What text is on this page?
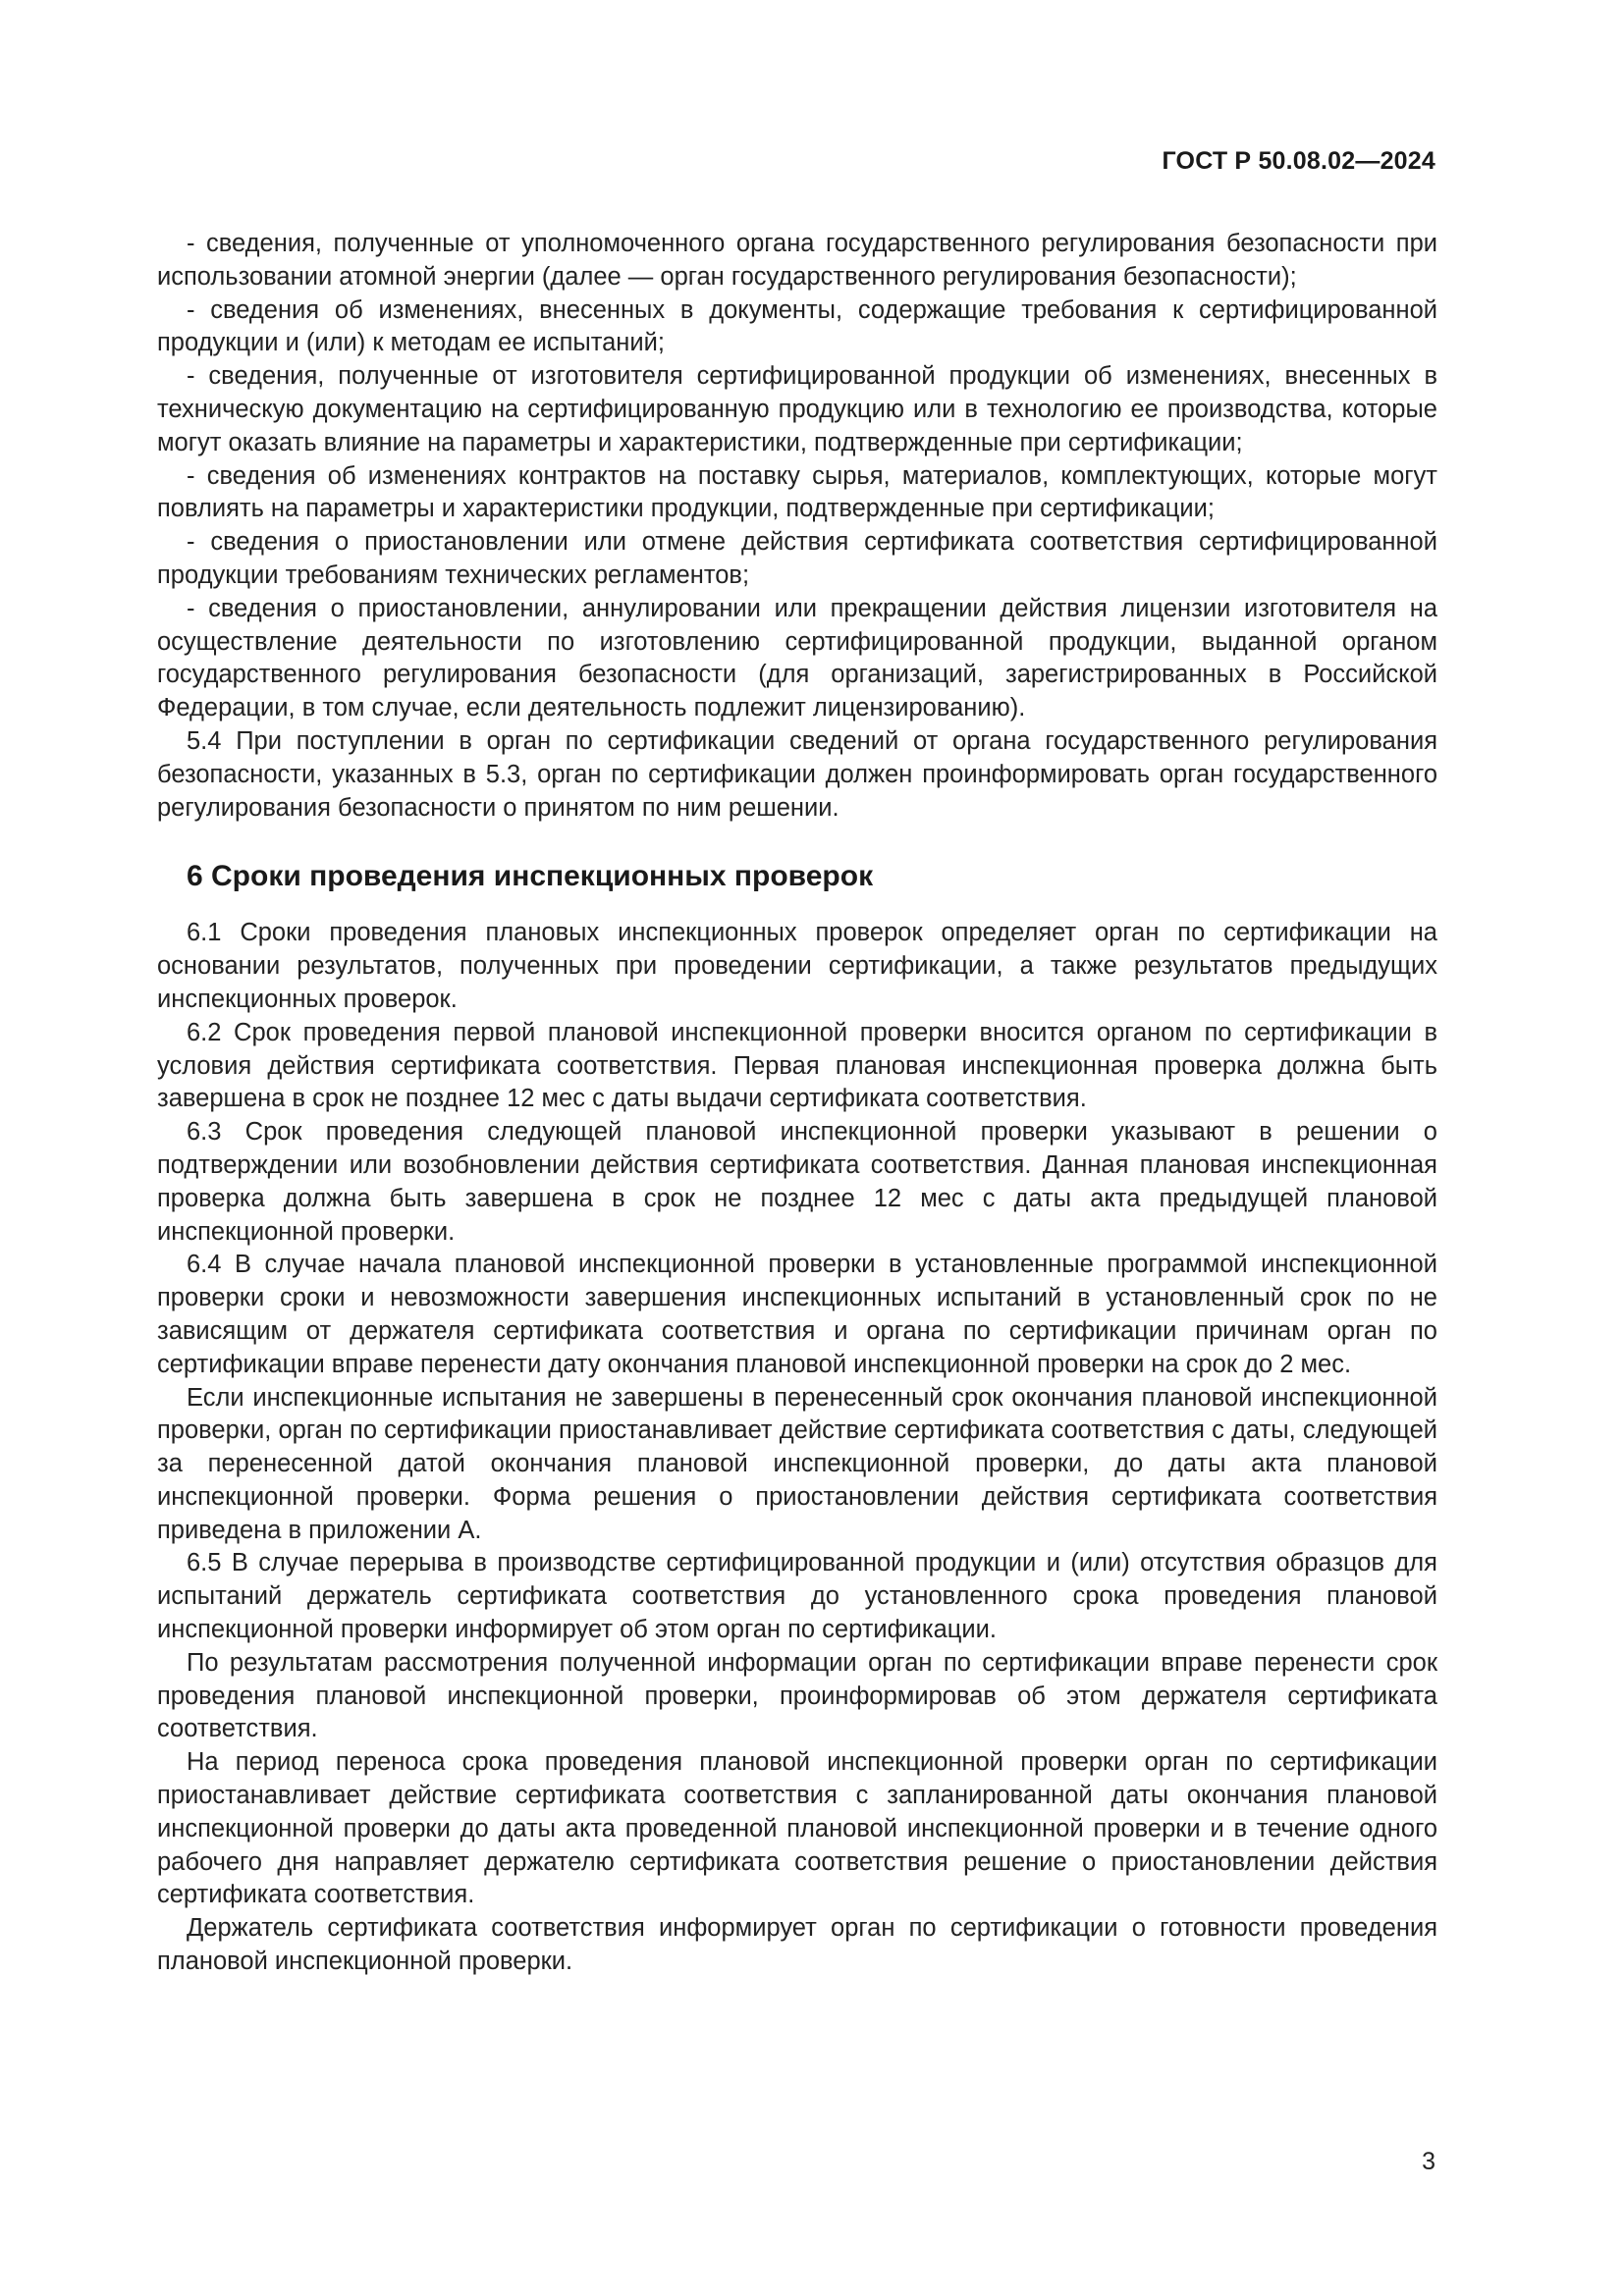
ГОСТ Р 50.08.02—2024

- сведения, полученные от уполномоченного органа государственного регулирования безопасности при использовании атомной энергии (далее — орган государственного регулирования безопасности);

- сведения об изменениях, внесенных в документы, содержащие требования к сертифицированной продукции и (или) к методам ее испытаний;

- сведения, полученные от изготовителя сертифицированной продукции об изменениях, внесенных в техническую документацию на сертифицированную продукцию или в технологию ее производства, которые могут оказать влияние на параметры и характеристики, подтвержденные при сертификации;

- сведения об изменениях контрактов на поставку сырья, материалов, комплектующих, которые могут повлиять на параметры и характеристики продукции, подтвержденные при сертификации;

- сведения о приостановлении или отмене действия сертификата соответствия сертифицированной продукции требованиям технических регламентов;

- сведения о приостановлении, аннулировании или прекращении действия лицензии изготовителя на осуществление деятельности по изготовлению сертифицированной продукции, выданной органом государственного регулирования безопасности (для организаций, зарегистрированных в Российской Федерации, в том случае, если деятельность подлежит лицензированию).

5.4 При поступлении в орган по сертификации сведений от органа государственного регулирования безопасности, указанных в 5.3, орган по сертификации должен проинформировать орган государственного регулирования безопасности о принятом по ним решении.

6 Сроки проведения инспекционных проверок

6.1 Сроки проведения плановых инспекционных проверок определяет орган по сертификации на основании результатов, полученных при проведении сертификации, а также результатов предыдущих инспекционных проверок.

6.2 Срок проведения первой плановой инспекционной проверки вносится органом по сертификации в условия действия сертификата соответствия. Первая плановая инспекционная проверка должна быть завершена в срок не позднее 12 мес с даты выдачи сертификата соответствия.

6.3 Срок проведения следующей плановой инспекционной проверки указывают в решении о подтверждении или возобновлении действия сертификата соответствия. Данная плановая инспекционная проверка должна быть завершена в срок не позднее 12 мес с даты акта предыдущей плановой инспекционной проверки.

6.4 В случае начала плановой инспекционной проверки в установленные программой инспекционной проверки сроки и невозможности завершения инспекционных испытаний в установленный срок по не зависящим от держателя сертификата соответствия и органа по сертификации причинам орган по сертификации вправе перенести дату окончания плановой инспекционной проверки на срок до 2 мес.

Если инспекционные испытания не завершены в перенесенный срок окончания плановой инспекционной проверки, орган по сертификации приостанавливает действие сертификата соответствия с даты, следующей за перенесенной датой окончания плановой инспекционной проверки, до даты акта плановой инспекционной проверки. Форма решения о приостановлении действия сертификата соответствия приведена в приложении А.

6.5 В случае перерыва в производстве сертифицированной продукции и (или) отсутствия образцов для испытаний держатель сертификата соответствия до установленного срока проведения плановой инспекционной проверки информирует об этом орган по сертификации.

По результатам рассмотрения полученной информации орган по сертификации вправе перенести срок проведения плановой инспекционной проверки, проинформировав об этом держателя сертификата соответствия.

На период переноса срока проведения плановой инспекционной проверки орган по сертификации приостанавливает действие сертификата соответствия с запланированной даты окончания плановой инспекционной проверки до даты акта проведенной плановой инспекционной проверки и в течение одного рабочего дня направляет держателю сертификата соответствия решение о приостановлении действия сертификата соответствия.

Держатель сертификата соответствия информирует орган по сертификации о готовности проведения плановой инспекционной проверки.

3
